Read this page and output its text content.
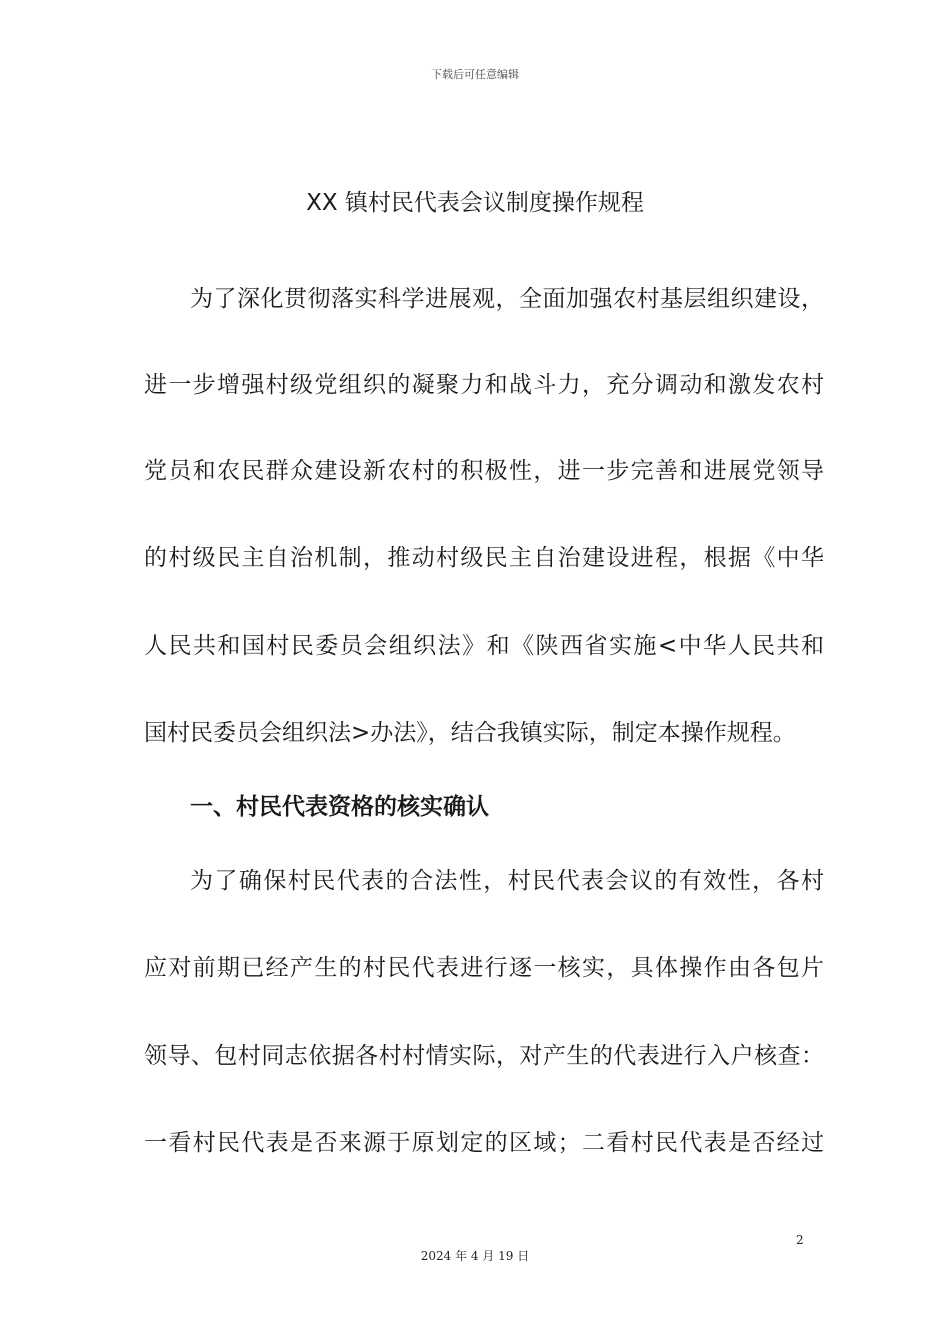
下载后可任意编辑
XX 镇村民代表会议制度操作规程
为了深化贯彻落实科学进展观，全面加强农村基层组织建设，
进一步增强村级党组织的凝聚力和战斗力，充分调动和激发农村
党员和农民群众建设新农村的积极性，进一步完善和进展党领导
的村级民主自治机制，推动村级民主自治建设进程，根据《中华
人民共和国村民委员会组织法》和《陕西省实施<中华人民共和
国村民委员会组织法>办法》，结合我镇实际，制定本操作规程。
一、村民代表资格的核实确认
为了确保村民代表的合法性，村民代表会议的有效性，各村
应对前期已经产生的村民代表进行逐一核实，具体操作由各包片
领导、包村同志依据各村村情实际，对产生的代表进行入户核查：
一看村民代表是否来源于原划定的区域；二看村民代表是否经过
2
2024 年 4 月 19 日
